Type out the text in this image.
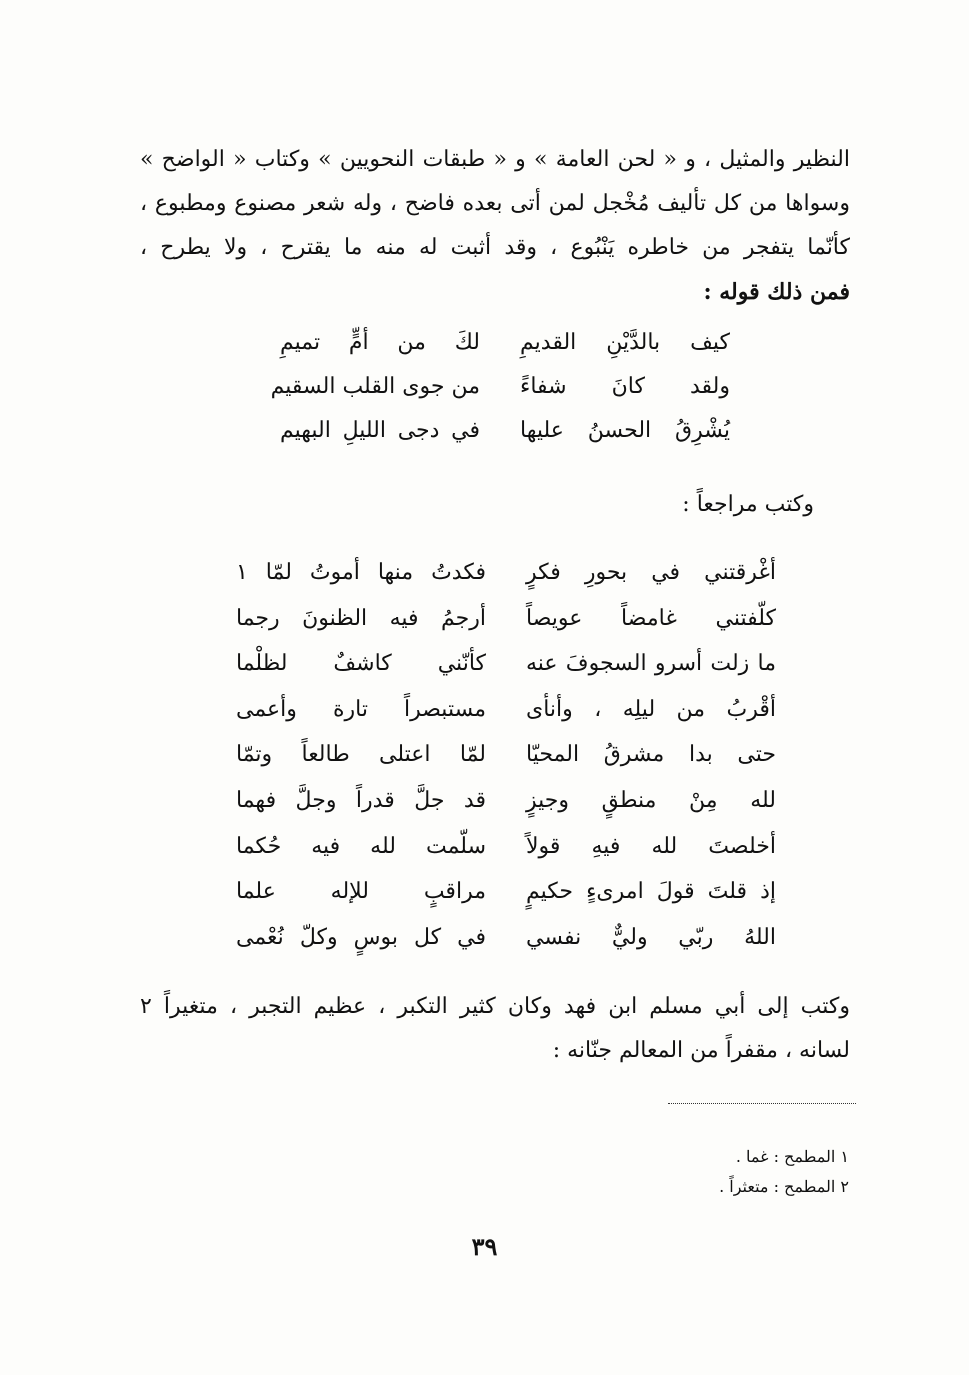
النظير والمثيل ، و « لحن العامة » و « طبقات النحويين » وكتاب « الواضح »
وسواها من كل تأليف مُخْجل لمن أتى بعده فاضح ، وله شعر مصنوع ومطبوع ،
كأنّما يتفجر من خاطره يَنْبُوع ، وقد أثبت له منه ما يقترح ، ولا يطرح ،
فمن ذلك قوله :
كيف بالدَّيْنِ القديمِ
لكَ من أمٍّ تميمِ
ولقد كانَ شفاءً
من جوى القلب السقيم
يُشْرِقُ الحسنُ عليها
في دجى الليلِ البهيم
وكتب مراجعاً :
أغْرقتني في بحورِ فكرٍ
فكدتُ منها أموتُ لمّا ١
كلّفتني غامضاً عويصاً
أرجمُ فيه الظنونَ رجما
ما زلت أسرو السجوفَ عنه
كأنّني كاشفٌ لظلْما
أقْربُ من ليلِه ، وأنأى
مستبصراً تارة وأعمى
حتى بدا مشرقُ المحيّا
لمّا اعتلى طالعاً وتمّا
لله مِنْ منطقٍ وجيزٍ
قد جلَّ قدراً وجلَّ فهما
أخلصتَ لله فيهِ قولاً
سلّمت لله فيه حُكما
إذ قلتَ قولَ امرىءٍ حكيمٍ
مراقبٍ للإله علما
اللهُ ربّي وليٌّ نفسي
في كل بوسٍ وكلّ نُعْمى
وكتب إلى أبي مسلم ابن فهد وكان كثير التكبر ، عظيم التجبر ، متغيراً ٢
لسانه ، مقفراً من المعالم جنّانه :
١ المطمح : غما .
٢ المطمح : متعثراً .
٣٩
